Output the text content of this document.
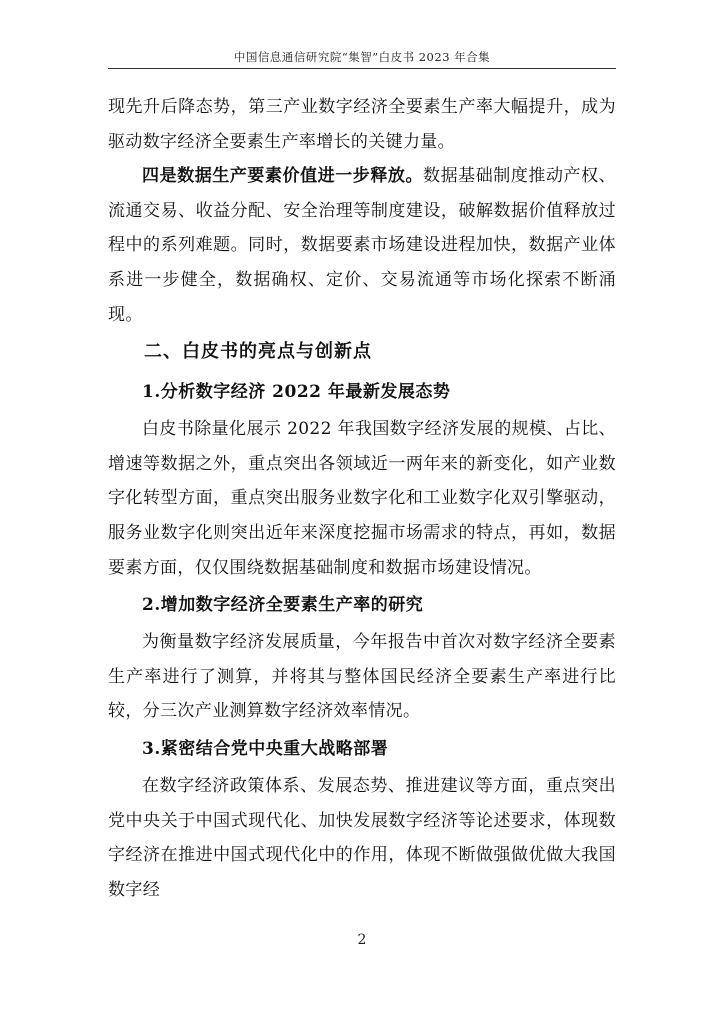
中国信息通信研究院“集智”白皮书 2023 年合集

现先升后降态势，第三产业数字经济全要素生产率大幅提升，成为驱动数字经济全要素生产率增长的关键力量。

四是数据生产要素价值进一步释放。数据基础制度推动产权、流通交易、收益分配、安全治理等制度建设，破解数据价值释放过程中的系列难题。同时，数据要素市场建设进程加快，数据产业体系进一步健全，数据确权、定价、交易流通等市场化探索不断涌现。

二、白皮书的亮点与创新点
1.分析数字经济 2022 年最新发展态势

白皮书除量化展示 2022 年我国数字经济发展的规模、占比、增速等数据之外，重点突出各领域近一两年来的新变化，如产业数字化转型方面，重点突出服务业数字化和工业数字化双引擎驱动，服务业数字化则突出近年来深度挖掘市场需求的特点，再如，数据要素方面，仅仅围绕数据基础制度和数据市场建设情况。

2.增加数字经济全要素生产率的研究

为衡量数字经济发展质量，今年报告中首次对数字经济全要素生产率进行了测算，并将其与整体国民经济全要素生产率进行比较，分三次产业测算数字经济效率情况。

3.紧密结合党中央重大战略部署

在数字经济政策体系、发展态势、推进建议等方面，重点突出党中央关于中国式现代化、加快发展数字经济等论述要求，体现数字经济在推进中国式现代化中的作用，体现不断做强做优做大我国数字经

2
